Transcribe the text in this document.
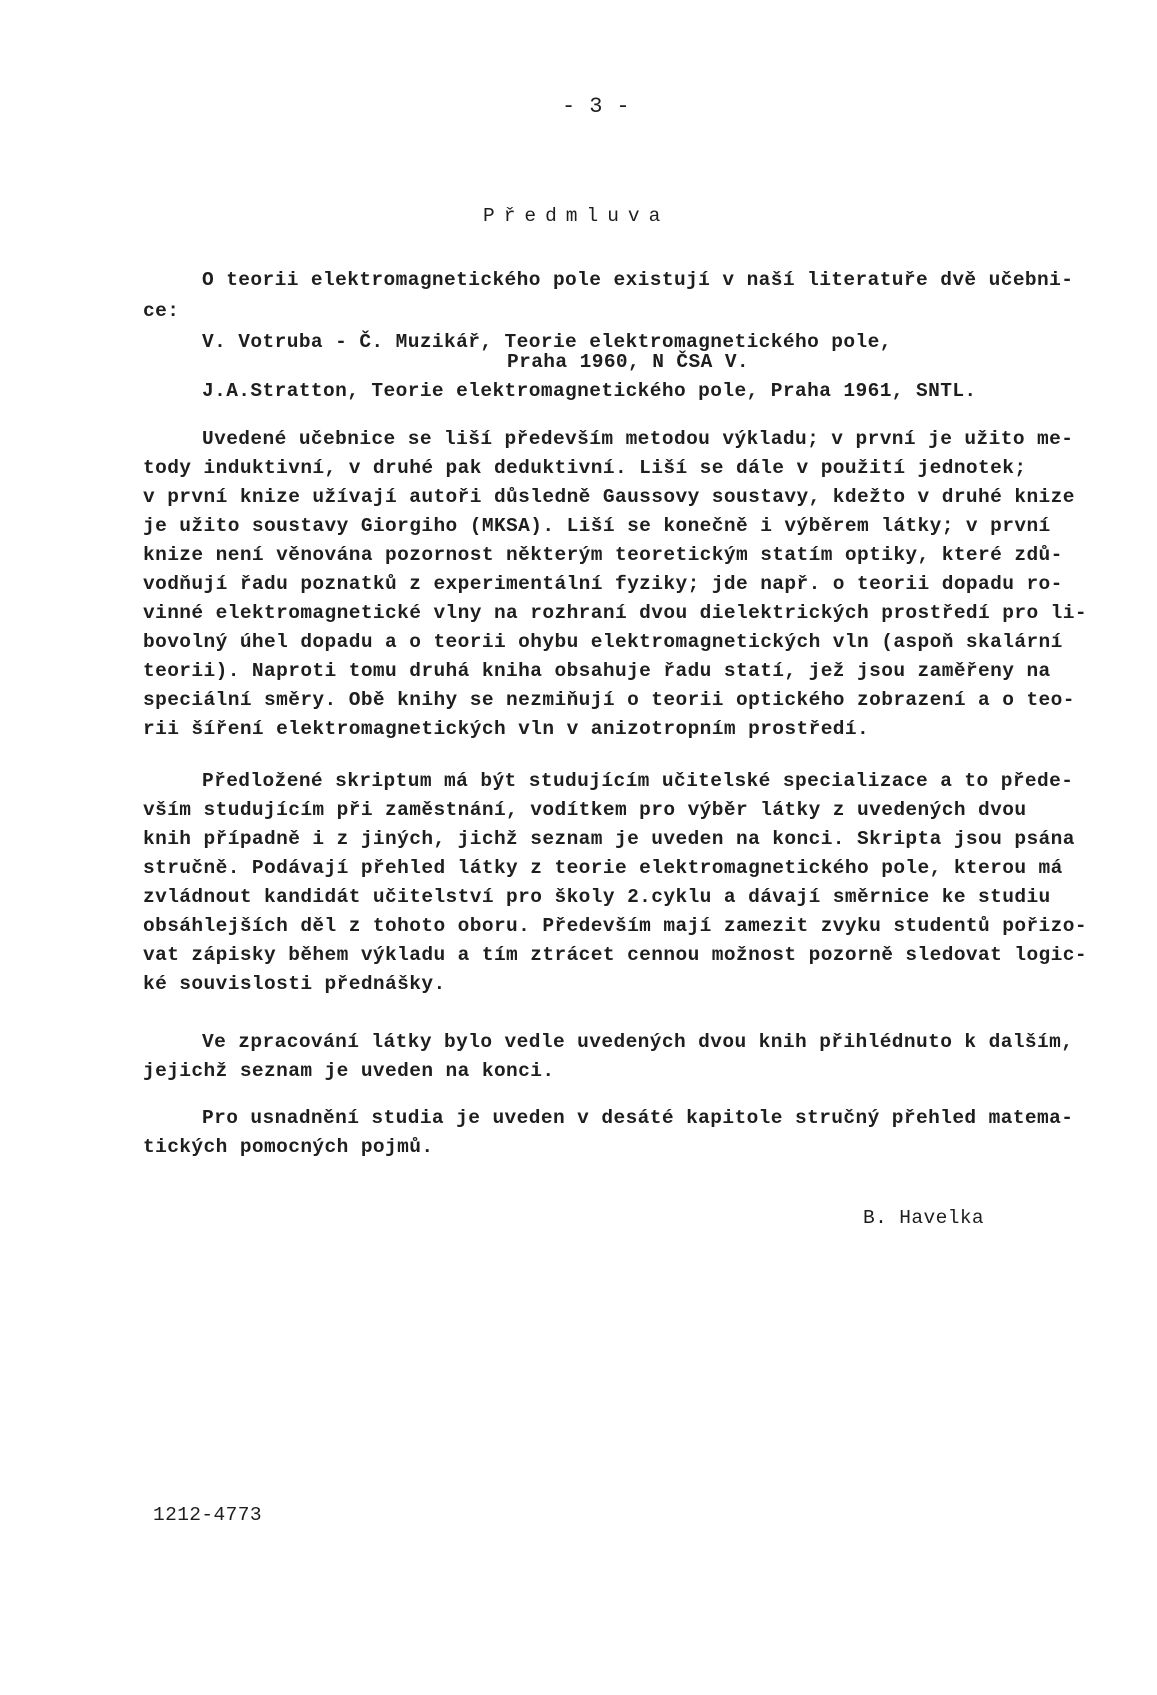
- 3 -
Předmluva
O teorii elektromagnetického pole existují v naší literatuře dvě učebni-
ce:
V. Votruba - Č. Muzikář, Teorie elektromagnetického pole,
Praha 1960, N ČSA V.
J.A.Stratton, Teorie elektromagnetického pole, Praha 1961, SNTL.
Uvedené učebnice se liší především metodou výkladu; v první je užito me-
tody induktivní, v druhé pak deduktivní. Liší se dále v použití jednotek;
v první knize užívají autoři důsledně Gaussovy soustavy, kdežto v druhé knize
je užito soustavy Giorgiho (MKSA). Liší se konečně i výběrem látky; v první
knize není věnována pozornost některým teoretickým statím optiky, které zdů-
vodňují řadu poznatků z experimentální fyziky; jde např. o teorii dopadu ro-
vinné elektromagnetické vlny na rozhraní dvou dielektrických prostředí pro li-
bovolný úhel dopadu a o teorii ohybu elektromagnetických vln (aspoň skalární
teorii). Naproti tomu druhá kniha obsahuje řadu statí, jež jsou zaměřeny na
speciální směry. Obě knihy se nezmiňují o teorii optického zobrazení a o teo-
rii šíření elektromagnetických vln v anizotropním prostředí.
Předložené skriptum má být studujícím učitelské specializace a to přede-
vším studujícím při zaměstnání, vodítkem pro výběr látky z uvedených dvou
knih případně i z jiných, jichž seznam je uveden na konci. Skripta jsou psána
stručně. Podávají přehled látky z teorie elektromagnetického pole, kterou má
zvládnout kandidát učitelství pro školy 2.cyklu a dávají směrnice ke studiu
obsáhlejších děl z tohoto oboru. Především mají zamezit zvyku studentů pořizo-
vat zápisky během výkladu a tím ztrácet cennou možnost pozorně sledovat logic-
ké souvislosti přednášky.
Ve zpracování látky bylo vedle uvedených dvou knih přihlédnuto k dalším,
jejichž seznam je uveden na konci.
Pro usnadnění studia je uveden v desáté kapitole stručný přehled matema-
tických pomocných pojmů.
B. Havelka
1212-4773
